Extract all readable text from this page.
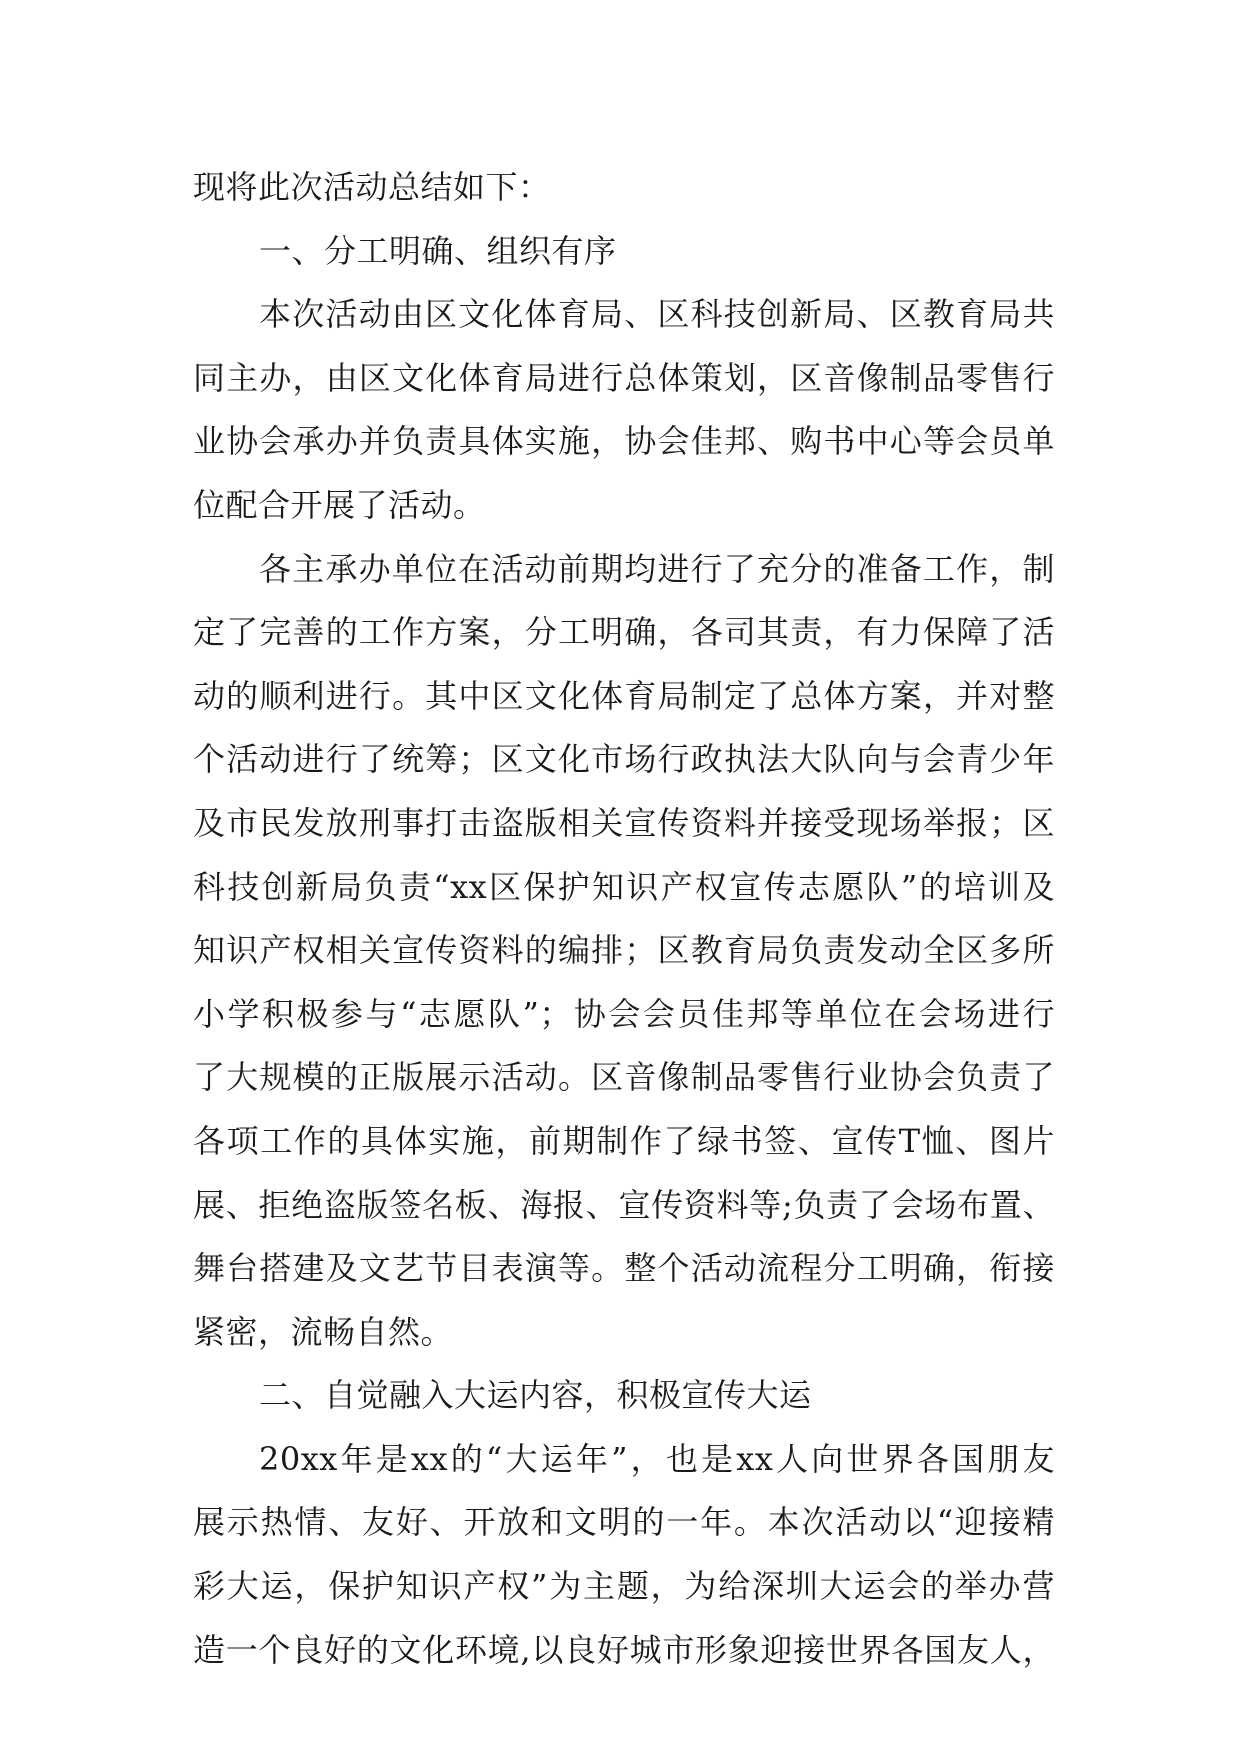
现将此次活动总结如下：
一、分工明确、组织有序
本次活动由区文化体育局、区科技创新局、区教育局共
同主办，由区文化体育局进行总体策划，区音像制品零售行
业协会承办并负责具体实施，协会佳邦、购书中心等会员单
位配合开展了活动。
各主承办单位在活动前期均进行了充分的准备工作，制
定了完善的工作方案，分工明确，各司其责，有力保障了活
动的顺利进行。其中区文化体育局制定了总体方案，并对整
个活动进行了统筹；区文化市场行政执法大队向与会青少年
及市民发放刑事打击盗版相关宣传资料并接受现场举报；区
科技创新局负责“xx区保护知识产权宣传志愿队”的培训及
知识产权相关宣传资料的编排；区教育局负责发动全区多所
小学积极参与“志愿队”；协会会员佳邦等单位在会场进行
了大规模的正版展示活动。区音像制品零售行业协会负责了
各项工作的具体实施，前期制作了绿书签、宣传T恤、图片
展、拒绝盗版签名板、海报、宣传资料等;负责了会场布置、
舞台搭建及文艺节目表演等。整个活动流程分工明确，衔接
紧密，流畅自然。
二、自觉融入大运内容，积极宣传大运
20xx年是xx的“大运年”，也是xx人向世界各国朋友
展示热情、友好、开放和文明的一年。本次活动以“迎接精
彩大运，保护知识产权”为主题，为给深圳大运会的举办营
造一个良好的文化环境,以良好城市形象迎接世界各国友人，
